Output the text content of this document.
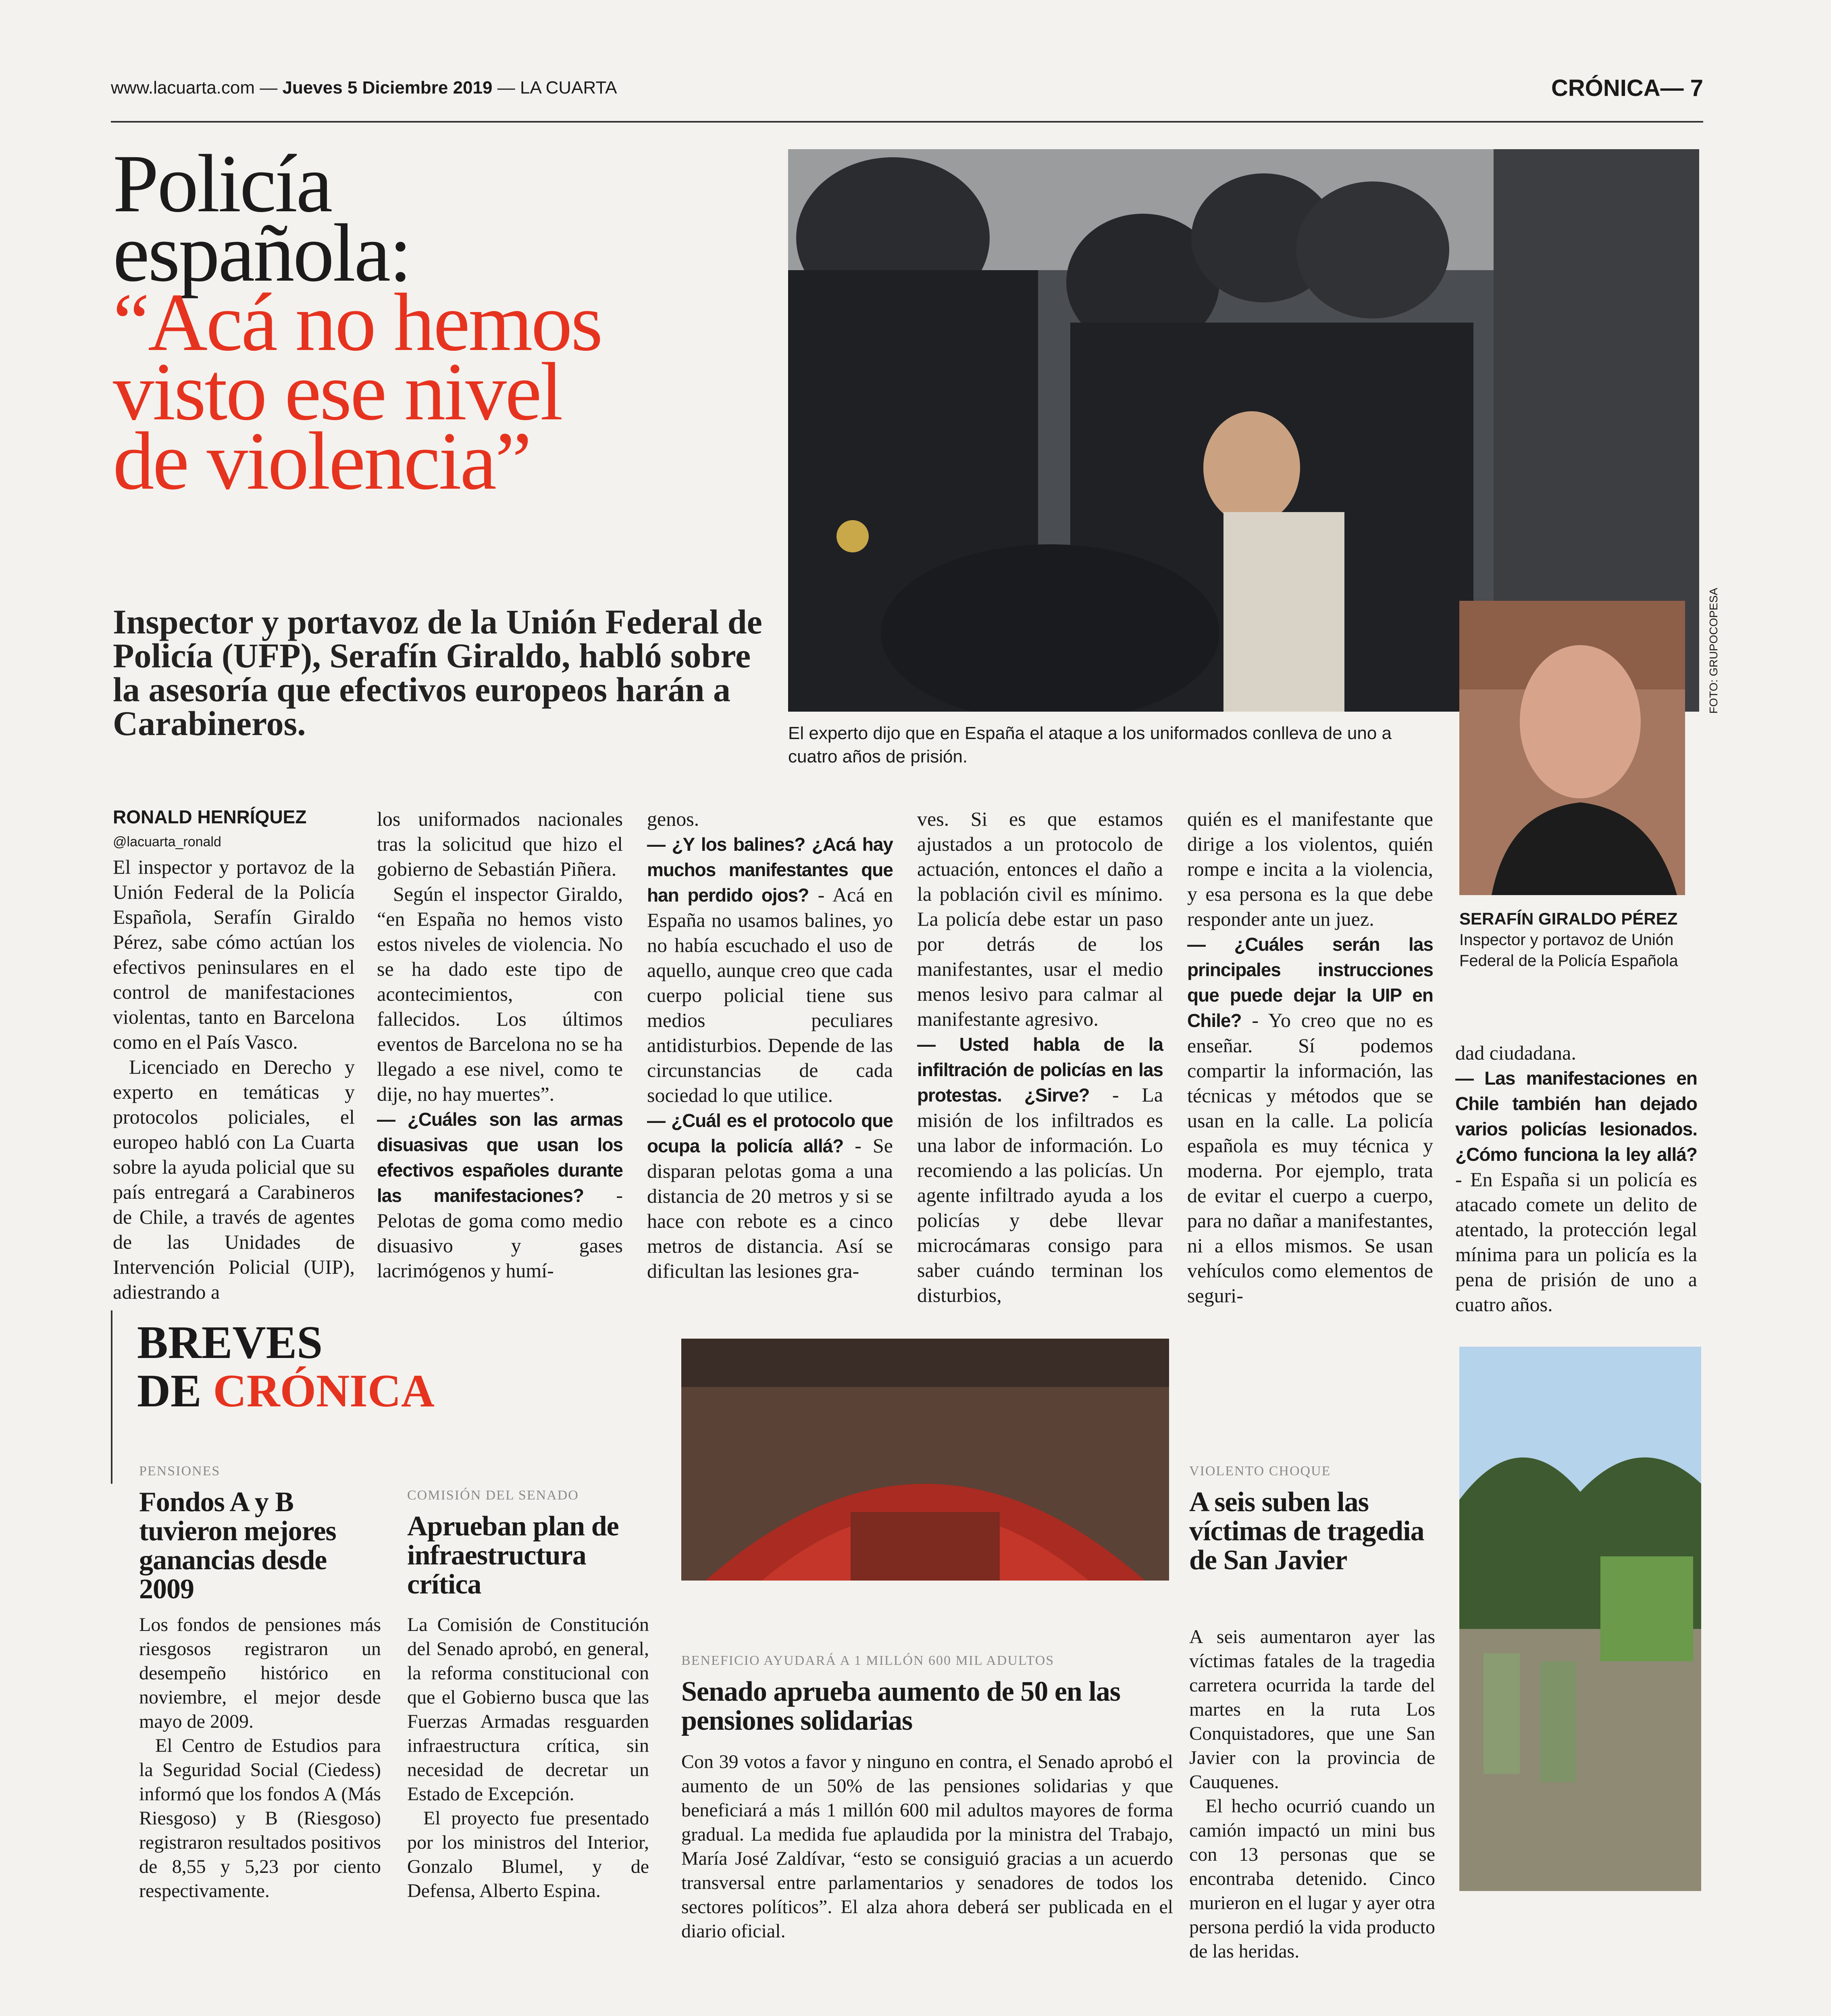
www.lacuarta.com — Jueves 5 Diciembre 2019 — LA CUARTA	CRÓNICA— 7
Policía
española:
“Acá no hemos
visto ese nivel
de violencia”
Inspector y portavoz de la Unión Federal de Policía (UFP), Serafín Giraldo, habló sobre la asesoría que efectivos europeos harán a Carabineros.	El experto dijo que en España el ataque a los uniformados conlleva de uno a cuatro años de prisión.
FOTO: GRUPOCOPESA
SERAFÍN GIRALDO PÉREZ
Inspector y portavoz de Unión Federal de la Policía Española
RONALD HENRÍQUEZ
@lacuarta_ronald

El inspector y portavoz de la Unión Federal de la Policía Española, Serafín Giraldo Pérez, sabe cómo actúan los efectivos peninsulares en el control de manifestaciones violentas, tanto en Barcelona como en el País Vasco.

Licenciado en Derecho y experto en temáticas y protocolos policiales, el europeo habló con La Cuarta sobre la ayuda policial que su país entregará a Carabineros de Chile, a través de agentes de las Unidades de Intervención Policial (UIP), adiestrando a

los uniformados nacionales tras la solicitud que hizo el gobierno de Sebastián Piñera.

Según el inspector Giraldo, “en España no hemos visto estos niveles de violencia. No se ha dado este tipo de acontecimientos, con fallecidos. Los últimos eventos de Barcelona no se ha llegado a ese nivel, como te dije, no hay muertes”.

— ¿Cuáles son las armas disuasivas que usan los efectivos españoles durante las manifestaciones? - Pelotas de goma como medio disuasivo y gases lacrimógenos y humí-

genos.

— ¿Y los balines? ¿Acá hay muchos manifestantes que han perdido ojos? - Acá en España no usamos balines, yo no había escuchado el uso de aquello, aunque creo que cada cuerpo policial tiene sus medios peculiares antidisturbios. Depende de las circunstancias de cada sociedad lo que utilice.

— ¿Cuál es el protocolo que ocupa la policía allá? - Se disparan pelotas goma a una distancia de 20 metros y si se hace con rebote es a cinco metros de distancia. Así se dificultan las lesiones gra-

ves. Si es que estamos ajustados a un protocolo de actuación, entonces el daño a la población civil es mínimo. La policía debe estar un paso por detrás de los manifestantes, usar el medio menos lesivo para calmar al manifestante agresivo.

— Usted habla de la infiltración de policías en las protestas. ¿Sirve? - La misión de los infiltrados es una labor de información. Lo recomiendo a las policías. Un agente infiltrado ayuda a los policías y debe llevar microcámaras consigo para saber cuándo terminan los disturbios,

quién es el manifestante que dirige a los violentos, quién rompe e incita a la violencia, y esa persona es la que debe responder ante un juez.

— ¿Cuáles serán las principales instrucciones que puede dejar la UIP en Chile? - Yo creo que no es enseñar. Sí podemos compartir la información, las técnicas y métodos que se usan en la calle. La policía española es muy técnica y moderna. Por ejemplo, trata de evitar el cuerpo a cuerpo, para no dañar a manifestantes, ni a ellos mismos. Se usan vehículos como elementos de seguri-

dad ciudadana.

— Las manifestaciones en Chile también han dejado varios policías lesionados. ¿Cómo funciona la ley allá? - En España si un policía es atacado comete un delito de atentado, la protección legal mínima para un policía es la pena de prisión de uno a cuatro años.

BREVES
DE CRÓNICA
PENSIONES
Fondos A y B tuvieron mejores ganancias desde 2009

Los fondos de pensiones más riesgosos registraron un desempeño histórico en noviembre, el mejor desde mayo de 2009.

El Centro de Estudios para la Seguridad Social (Ciedess) informó que los fondos A (Más Riesgoso) y B (Riesgoso) registraron resultados positivos de 8,55 y 5,23 por ciento respectivamente.

COMISIÓN DEL SENADO
Aprueban plan de infraestructura crítica

La Comisión de Constitución del Senado aprobó, en general, la reforma constitucional con que el Gobierno busca que las Fuerzas Armadas resguarden infraestructura crítica, sin necesidad de decretar un Estado de Excepción.

El proyecto fue presentado por los ministros del Interior, Gonzalo Blumel, y de Defensa, Alberto Espina.

BENEFICIO AYUDARÁ A 1 MILLÓN 600 MIL ADULTOS
Senado aprueba aumento de 50 en las pensiones solidarias

Con 39 votos a favor y ninguno en contra, el Senado aprobó el aumento de un 50% de las pensiones solidarias y que beneficiará a más 1 millón 600 mil adultos mayores de forma gradual. La medida fue aplaudida por la ministra del Trabajo, María José Zaldívar, “esto se consiguió gracias a un acuerdo transversal entre parlamentarios y senadores de todos los sectores políticos”. El alza ahora deberá ser publicada en el diario oficial.

VIOLENTO CHOQUE
A seis suben las víctimas de tragedia de San Javier

A seis aumentaron ayer las víctimas fatales de la tragedia carretera ocurrida la tarde del martes en la ruta Los Conquistadores, que une San Javier con la provincia de Cauquenes.

El hecho ocurrió cuando un camión impactó un mini bus con 13 personas que se encontraba detenido. Cinco murieron en el lugar y ayer otra persona perdió la vida producto de las heridas.
